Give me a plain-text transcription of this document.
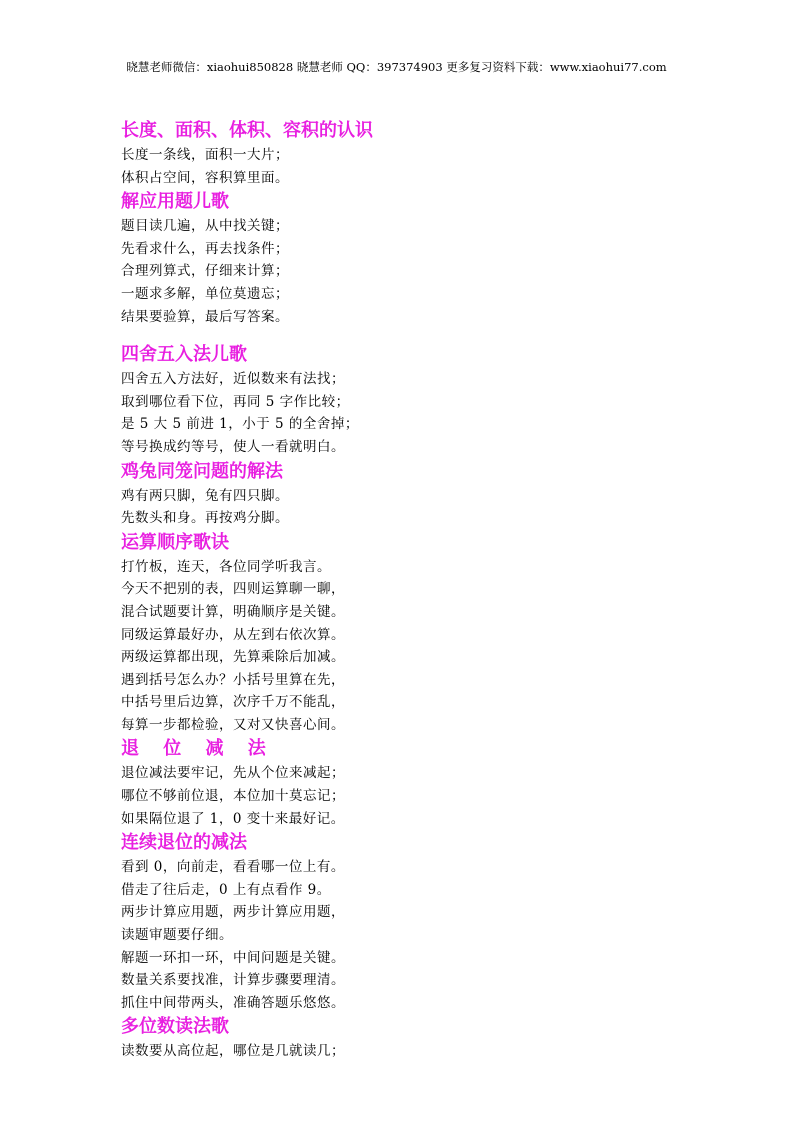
晓慧老师微信：xiaohui850828 晓慧老师 QQ：397374903 更多复习资料下载：www.xiaohui77.com
长度、面积、体积、容积的认识
长度一条线，面积一大片；
体积占空间，容积算里面。
解应用题儿歌
题目读几遍，从中找关键；
先看求什么，再去找条件；
合理列算式，仔细来计算；
一题求多解，单位莫遗忘；
结果要验算，最后写答案。
四舍五入法儿歌
四舍五入方法好，近似数来有法找；
取到哪位看下位，再同 5 字作比较；
是 5 大 5 前进 1，小于 5 的全舍掉；
等号换成约等号，使人一看就明白。
鸡兔同笼问题的解法
鸡有两只脚，兔有四只脚。
先数头和身。再按鸡分脚。
运算顺序歌诀
打竹板，连天，各位同学听我言。
今天不把别的表，四则运算聊一聊，
混合试题要计算，明确顺序是关键。
同级运算最好办，从左到右依次算。
两级运算都出现，先算乘除后加减。
遇到括号怎么办？小括号里算在先，
中括号里后边算，次序千万不能乱，
每算一步都检验，又对又快喜心间。
退 位 减 法
退位减法要牢记，先从个位来减起；
哪位不够前位退，本位加十莫忘记；
如果隔位退了 1，0 变十来最好记。
连续退位的减法
看到 0，向前走，看看哪一位上有。
借走了往后走，0 上有点看作 9。
两步计算应用题，两步计算应用题，
读题审题要仔细。
解题一环扣一环，中间问题是关键。
数量关系要找准，计算步骤要理清。
抓住中间带两头，准确答题乐悠悠。
多位数读法歌
读数要从高位起，哪位是几就读几；
